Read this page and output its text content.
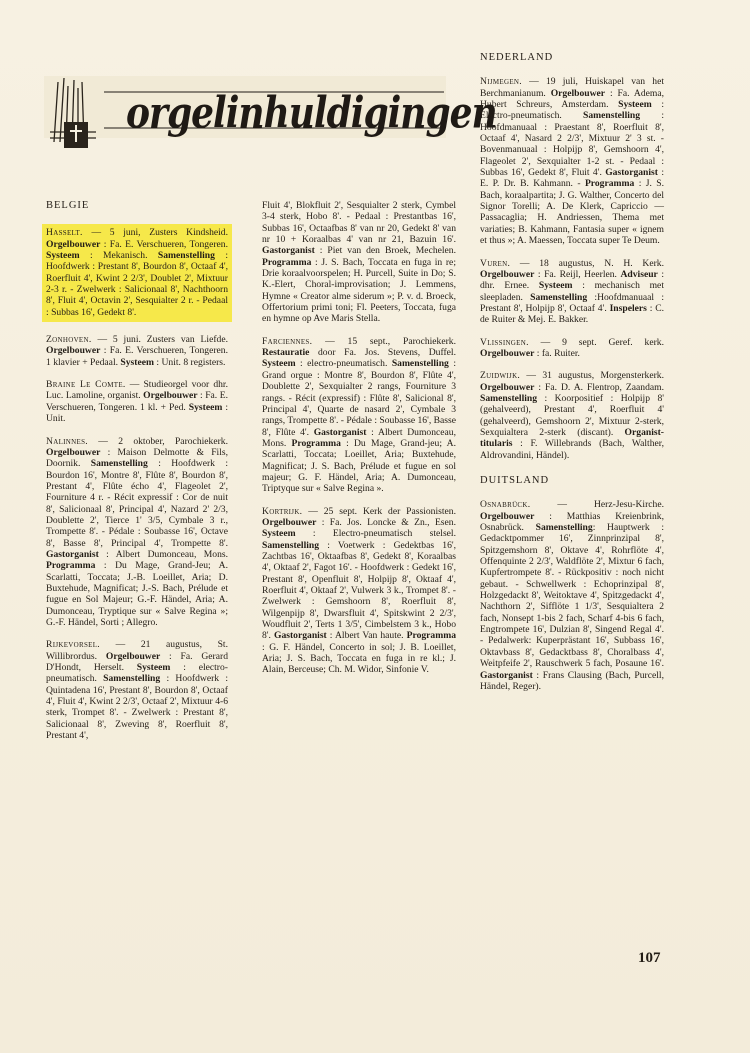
orgelinhuldigingen
BELGIE
Hasselt. — 5 juni, Zusters Kindsheid. Orgelbouwer : Fa. E. Verschueren, Tongeren. Systeem : Mekanisch. Samenstelling : Hoofdwerk : Prestant 8', Bourdon 8', Octaaf 4', Roerfluit 4', Kwint 2 2/3', Doublet 2', Mixtuur 2-3 r. - Zwelwerk : Salicionaal 8', Nachthoorn 8', Fluit 4', Octavin 2', Sesquialter 2 r. - Pedaal : Subbas 16', Gedekt 8'.
Zonhoven. — 5 juni. Zusters van Liefde. Orgelbouwer : Fa. E. Verschueren, Tongeren. 1 klavier + Pedaal. Systeem : Unit. 8 registers.
Braine Le Comte. — Studieorgel voor dhr. Luc. Lamoline, organist. Orgelbouwer : Fa. E. Verschueren, Tongeren. 1 kl. + Ped. Systeem : Unit.
Nalinnes. — 2 oktober, Parochiekerk. Orgelbouwer : Maison Delmotte & Fils, Doornik. Samenstelling : Hoofdwerk : Bourdon 16', Montre 8', Flûte 8', Bourdon 8', Prestant 4', Flûte écho 4', Flageolet 2', Fourniture 4 r. - Récit expressif : Cor de nuit 8', Salicionaal 8', Principal 4', Nazard 2' 2/3, Doublette 2', Tierce 1' 3/5, Cymbale 3 r., Trompette 8'. - Pédale : Soubasse 16', Octave 8', Basse 8', Principal 4', Trompette 8'. Gastorganist : Albert Dumonceau, Mons. Programma : Du Mage, Grand-Jeu; A. Scarlatti, Toccata; J.-B. Loeillet, Aria; D. Buxtehude, Magnificat; J.-S. Bach, Prélude et fugue en Sol Majeur; G.-F. Händel, Aria; A. Dumonceau, Tryptique sur « Salve Regina »; G.-F. Händel, Sorti ; Allegro.
Rijkevorsel. — 21 augustus, St. Willibrordus. Orgelbouwer : Fa. Gerard D'Hondt, Herselt. Systeem : electro-pneumatisch. Samenstelling : Hoofdwerk : Quintadena 16', Prestant 8', Bourdon 8', Octaaf 4', Fluit 4', Kwint 2 2/3', Octaaf 2', Mixtuur 4-6 sterk, Trompet 8'. - Zwelwerk : Prestant 8', Salicionaal 8', Zweving 8', Roerfluit 8', Prestant 4',
Fluit 4', Blokfluit 2', Sesquialter 2 sterk, Cymbel 3-4 sterk, Hobo 8'. - Pedaal : Prestantbas 16', Subbas 16', Octaafbas 8' van nr 20, Gedekt 8' van nr 10 + Koraalbas 4' van nr 21, Bazuin 16'. Gastorganist : Piet van den Broek, Mechelen. Programma : J. S. Bach, Toccata en fuga in re; Drie koraalvoorspelen; H. Purcell, Suite in Do; S. K.-Elert, Choral-improvisation; J. Lemmens, Hymne « Creator alme siderum »; P. v. d. Broeck, Offertorium primi toni; Fl. Peeters, Toccata, fuga en hymne op Ave Maris Stella.
Farciennes. — 15 sept., Parochiekerk. Restauratie door Fa. Jos. Stevens, Duffel. Systeem : electro-pneumatisch. Samenstelling : Grand orgue : Montre 8', Bourdon 8', Flûte 4', Doublette 2', Sexquialter 2 rangs, Fourniture 3 rangs. - Récit (expressif) : Flûte 8', Salicional 8', Principal 4', Quarte de nasard 2', Cymbale 3 rangs, Trompette 8'. - Pédale : Soubasse 16', Basse 8', Flûte 4'. Gastorganist : Albert Dumonceau, Mons. Programma : Du Mage, Grand-jeu; A. Scarlatti, Toccata; Loeillet, Aria; Buxtehude, Magnificat; J. S. Bach, Prélude et fugue en sol majeur; G. F. Händel, Aria; A. Dumonceau, Triptyque sur « Salve Regina ».
Kortrijk. — 25 sept. Kerk der Passionisten. Orgelbouwer : Fa. Jos. Loncke & Zn., Esen. Systeem : Electro-pneumatisch stelsel. Samenstelling : Voetwerk : Gedektbas 16', Zachtbas 16', Oktaafbas 8', Gedekt 8', Koraalbas 4', Oktaaf 2', Fagot 16'. - Hoofdwerk : Gedekt 16', Prestant 8', Openfluit 8', Holpijp 8', Oktaaf 4', Roerfluit 4', Oktaaf 2', Vulwerk 3 k., Trompet 8'. - Zwelwerk : Gemshoorn 8', Roerfluit 8', Wilgenpijp 8', Dwarsfluit 4', Spitskwint 2 2/3', Woudfluit 2', Terts 1 3/5', Cimbelstem 3 k., Hobo 8'. Gastorganist : Albert Van haute. Programma : G. F. Händel, Concerto in sol; J. B. Loeillet, Aria; J. S. Bach, Toccata en fuga in re kl.; J. Alain, Berceuse; Ch. M. Widor, Sinfonie V.
NEDERLAND
Nijmegen. — 19 juli, Huiskapel van het Berchmanianum. Orgelbouwer : Fa. Adema, Hubert Schreurs, Amsterdam. Systeem : Electro-pneumatisch. Samenstelling : Hoofdmanuaal : Praestant 8', Roerfluit 8', Octaaf 4', Nasard 2 2/3', Mixtuur 2' 3 st. - Bovenmanuaal : Holpijp 8', Gemshoorn 4', Flageolet 2', Sexquialter 1-2 st. - Pedaal : Subbas 16', Gedekt 8', Fluit 4'. Gastorganist : E. P. Dr. B. Kahmann. - Programma : J. S. Bach, koraalpartita; J. G. Walther, Concerto del Signor Torelli; A. De Klerk, Capriccio — Passacaglia; H. Andriessen, Thema met variaties; B. Kahmann, Fantasia super « ignem et thus »; A. Maessen, Toccata super Te Deum.
Vuren. — 18 augustus, N. H. Kerk. Orgelbouwer : Fa. Reijl, Heerlen. Adviseur : dhr. Ernee. Systeem : mechanisch met sleepladen. Samenstelling :Hoofdmanuaal : Prestant 8', Holpijp 8', Octaaf 4'. Inspelers : C. de Ruiter & Mej. E. Bakker.
Vlissingen. — 9 sept. Geref. kerk. Orgelbouwer : fa. Ruiter.
Zuidwijk. — 31 augustus, Morgensterkerk. Orgelbouwer : Fa. D. A. Flentrop, Zaandam. Samenstelling : Koorpositief : Holpijp 8' (gehalveerd), Prestant 4', Roerfluit 4' (gehalveerd), Gemshoorn 2', Mixtuur 2-sterk, Sexquialtera 2-sterk (discant). Organist-titularis : F. Willebrands (Bach, Walther, Aldrovandini, Händel).
DUITSLAND
Osnabrück. — Herz-Jesu-Kirche. Orgelbouwer : Matthias Kreienbrink, Osnabrück. Samenstelling: Hauptwerk : Gedacktpommer 16', Zinnprinzipal 8', Spitzgemshorn 8', Oktave 4', Rohrflöte 4', Offenquinte 2 2/3', Waldflöte 2', Mixtur 6 fach, Kupfertrompete 8'. - Rückpositiv : noch nicht gebaut. - Schwellwerk : Echoprinzipal 8', Holzgedackt 8', Weitoktave 4', Spitzgedackt 4', Nachthorn 2', Sifflöte 1 1/3', Sesquialtera 2 fach, Nonsept 1-bis 2 fach, Scharf 4-bis 6 fach, Engtrompete 16', Dulzian 8', Singend Regal 4'. - Pedalwerk: Kuperprästant 16', Subbass 16', Oktavbass 8', Gedacktbass 8', Choralbass 4', Weitpfeife 2', Rauschwerk 5 fach, Posaune 16'. Gastorganist : Frans Clausing (Bach, Purcell, Händel, Reger).
107
